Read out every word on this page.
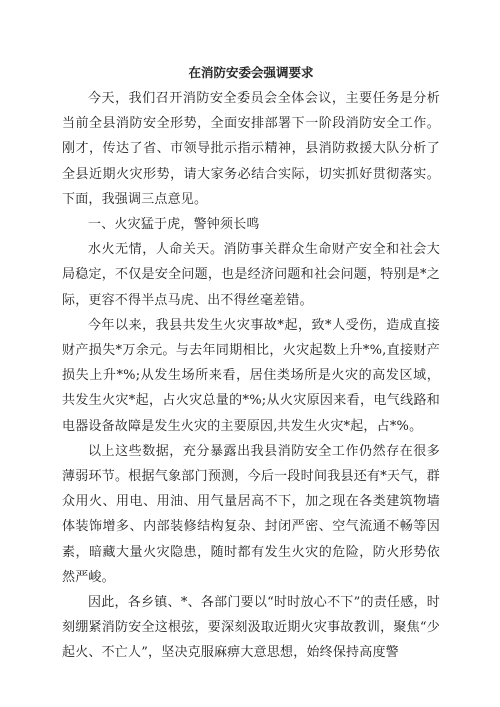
在消防安委会强调要求

今天，我们召开消防安全委员会全体会议，主要任务是分析当前全县消防安全形势，全面安排部署下一阶段消防安全工作。刚才，传达了省、市领导批示指示精神，县消防救援大队分析了全县近期火灾形势，请大家务必结合实际，切实抓好贯彻落实。下面，我强调三点意见。

一、火灾猛于虎，警钟须长鸣

水火无情，人命关天。消防事关群众生命财产安全和社会大局稳定，不仅是安全问题，也是经济问题和社会问题，特别是*之际，更容不得半点马虎、出不得丝毫差错。

今年以来，我县共发生火灾事故*起，致*人受伤，造成直接财产损失*万余元。与去年同期相比，火灾起数上升*%,直接财产损失上升*%;从发生场所来看，居住类场所是火灾的高发区域，共发生火灾*起，占火灾总量的*%;从火灾原因来看，电气线路和电器设备故障是发生火灾的主要原因,共发生火灾*起，占*%。

以上这些数据，充分暴露出我县消防安全工作仍然存在很多薄弱环节。根据气象部门预测，今后一段时间我县还有*天气，群众用火、用电、用油、用气量居高不下，加之现在各类建筑物墙体装饰增多、内部装修结构复杂、封闭严密、空气流通不畅等因素，暗藏大量火灾隐患，随时都有发生火灾的危险，防火形势依然严峻。

因此，各乡镇、*、各部门要以“时时放心不下”的责任感，时刻绷紧消防安全这根弦，要深刻汲取近期火灾事故教训，聚焦“少起火、不亡人”，坚决克服麻痹大意思想，始终保持高度警
